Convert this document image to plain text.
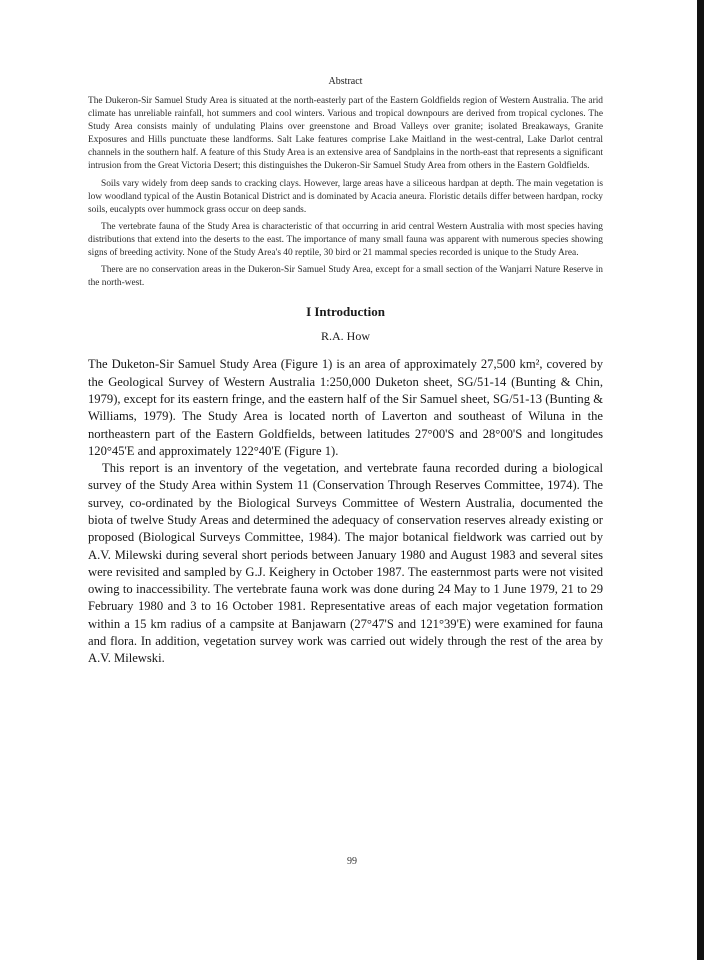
Abstract

The Dukeron-Sir Samuel Study Area is situated at the north-easterly part of the Eastern Goldfields region of Western Australia. The arid climate has unreliable rainfall, hot summers and cool winters. Various and tropical downpours are derived from tropical cyclones. The Study Area consists mainly of undulating Plains over greenstone and Broad Valleys over granite; isolated Breakaways, Granite Exposures and Hills punctuate these landforms. Salt Lake features comprise Lake Maitland in the west-central, Lake Darlot central channels in the southern half. A feature of this Study Area is an extensive area of Sandplains in the north-east that represents a significant intrusion from the Great Victoria Desert; this distinguishes the Dukeron-Sir Samuel Study Area from others in the Eastern Goldfields.

Soils vary widely from deep sands to cracking clays. However, large areas have a siliceous hardpan at depth. The main vegetation is low woodland typical of the Austin Botanical District and is dominated by Acacia aneura. Floristic details differ between hardpan, rocky soils, eucalypts over hummock grass occur on deep sands.

The vertebrate fauna of the Study Area is characteristic of that occurring in arid central Western Australia with most species having distributions that extend into the deserts to the east. The importance of many small fauna was apparent with numerous species showing signs of breeding activity. None of the Study Area's 40 reptile, 30 bird or 21 mammal species recorded is unique to the Study Area.

There are no conservation areas in the Dukeron-Sir Samuel Study Area, except for a small section of the Wanjarri Nature Reserve in the north-west.

I Introduction
R.A. How

The Duketon-Sir Samuel Study Area (Figure 1) is an area of approximately 27,500 km², covered by the Geological Survey of Western Australia 1:250,000 Duketon sheet, SG/51-14 (Bunting & Chin, 1979), except for its eastern fringe, and the eastern half of the Sir Samuel sheet, SG/51-13 (Bunting & Williams, 1979). The Study Area is located north of Laverton and southeast of Wiluna in the northeastern part of the Eastern Goldfields, between latitudes 27°00'S and 28°00'S and longitudes 120°45'E and approximately 122°40'E (Figure 1).

This report is an inventory of the vegetation, and vertebrate fauna recorded during a biological survey of the Study Area within System 11 (Conservation Through Reserves Committee, 1974). The survey, co-ordinated by the Biological Surveys Committee of Western Australia, documented the biota of twelve Study Areas and determined the adequacy of conservation reserves already existing or proposed (Biological Surveys Committee, 1984). The major botanical fieldwork was carried out by A.V. Milewski during several short periods between January 1980 and August 1983 and several sites were revisited and sampled by G.J. Keighery in October 1987. The easternmost parts were not visited owing to inaccessibility. The vertebrate fauna work was done during 24 May to 1 June 1979, 21 to 29 February 1980 and 3 to 16 October 1981. Representative areas of each major vegetation formation within a 15 km radius of a campsite at Banjawarn (27°47'S and 121°39'E) were examined for fauna and flora. In addition, vegetation survey work was carried out widely through the rest of the area by A.V. Milewski.

99
